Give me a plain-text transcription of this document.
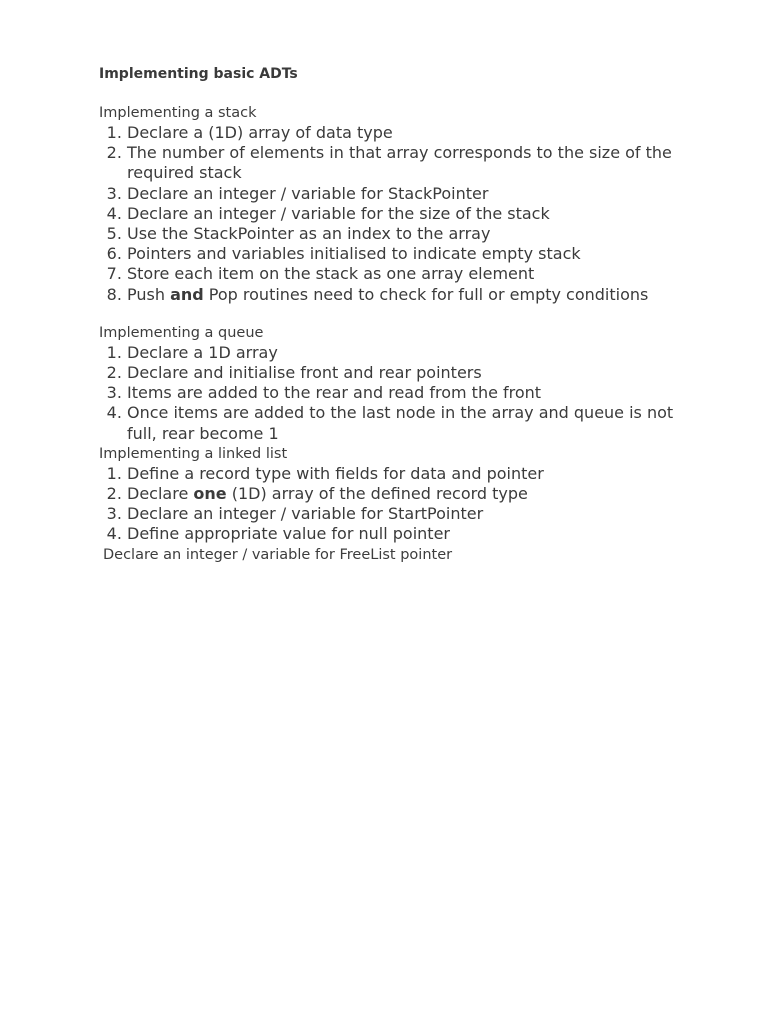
Implementing basic ADTs
Implementing a stack
1. Declare a (1D) array of data type
2. The number of elements in that array corresponds to the size of the required stack
3. Declare an integer / variable for StackPointer
4. Declare an integer / variable for the size of the stack
5. Use the StackPointer as an index to the array
6. Pointers and variables initialised to indicate empty stack
7. Store each item on the stack as one array element
8. Push and Pop routines need to check for full or empty conditions
Implementing a queue
1. Declare a 1D array
2. Declare and initialise front and rear pointers
3. Items are added to the rear and read from the front
4. Once items are added to the last node in the array and queue is not full, rear become 1
Implementing a linked list
1. Define a record type with fields for data and pointer
2. Declare one (1D) array of the defined record type
3. Declare an integer / variable for StartPointer
4. Define appropriate value for null pointer
Declare an integer / variable for FreeList pointer
